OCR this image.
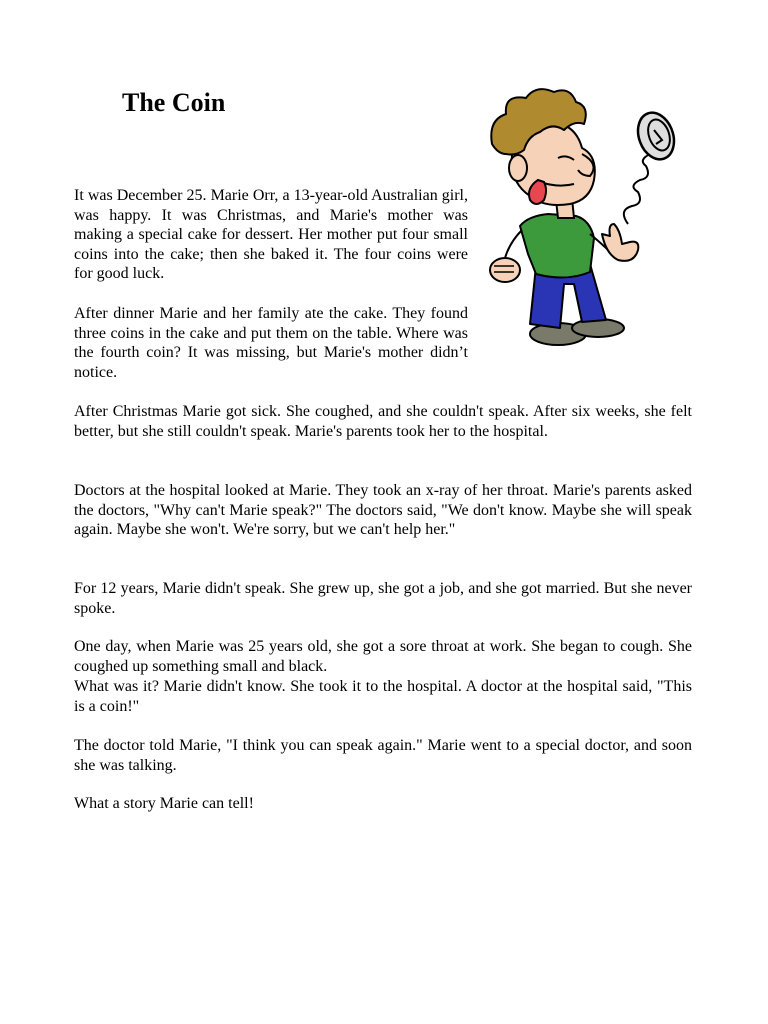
The Coin

It was December 25. Marie Orr, a 13-year-old Australian girl, was happy. It was Christmas, and Marie's mother was making a special cake for dessert. Her mother put four small coins into the cake; then she baked it. The four coins were for good luck.

After dinner Marie and her family ate the cake. They found three coins in the cake and put them on the table. Where was the fourth coin? It was missing, but Marie's mother didn’t notice.

After Christmas Marie got sick. She coughed, and she couldn't speak. After six weeks, she felt better, but she still couldn't speak. Marie's parents took her to the hospital.

Doctors at the hospital looked at Marie. They took an x-ray of her throat. Marie's parents asked the doctors, "Why can't Marie speak?" The doctors said, "We don't know. Maybe she will speak again. Maybe she won't. We're sorry, but we can't help her."

For 12 years, Marie didn't speak. She grew up, she got a job, and she got married. But she never spoke.

One day, when Marie was 25 years old, she got a sore throat at work. She began to cough. She coughed up something small and black.

What was it? Marie didn't know. She took it to the hospital. A doctor at the hospital said, "This is a coin!"

The doctor told Marie, "I think you can speak again." Marie went to a special doctor, and soon she was talking.

What a story Marie can tell!
